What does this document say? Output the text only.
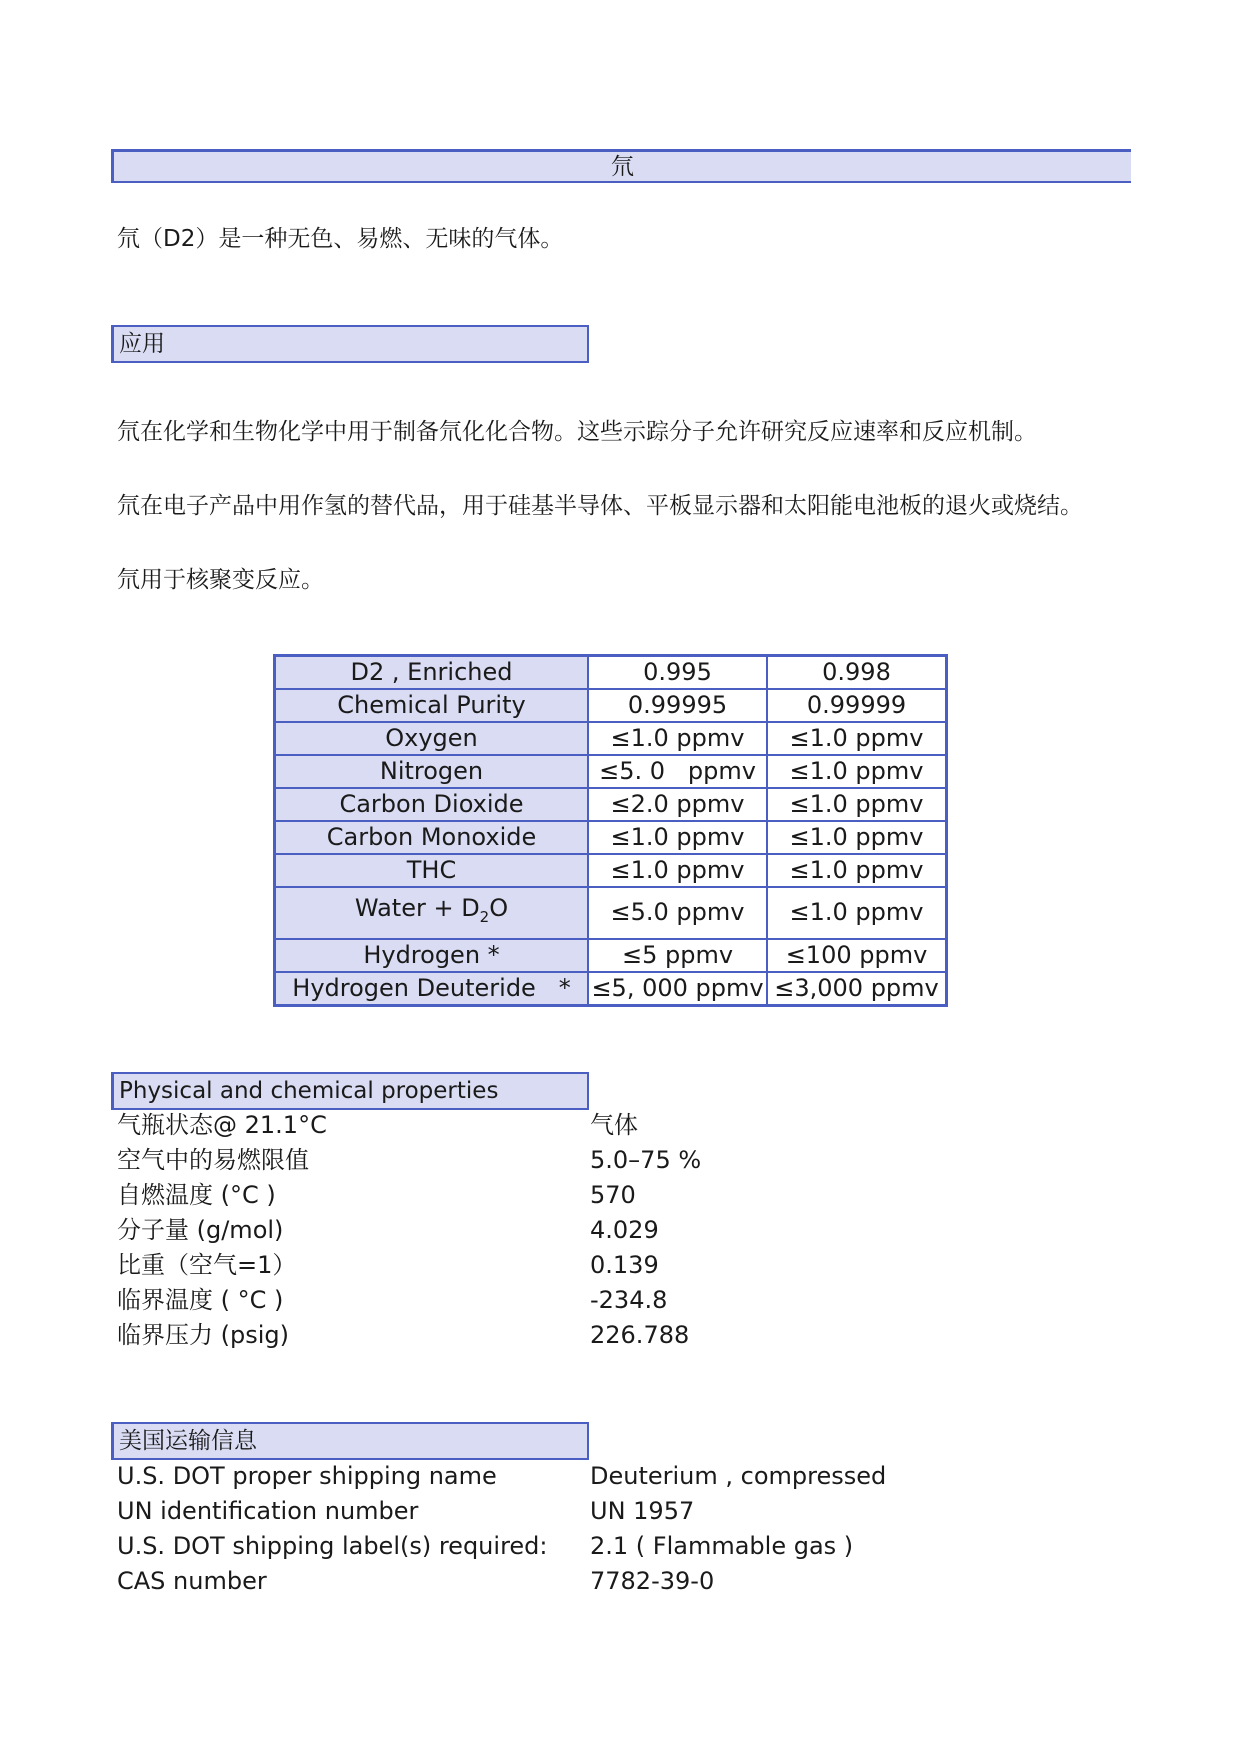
氘
氘（D2）是一种无色、易燃、无味的气体。
应用
氘在化学和生物化学中用于制备氘化化合物。这些示踪分子允许研究反应速率和反应机制。
氘在电子产品中用作氢的替代品，用于硅基半导体、平板显示器和太阳能电池板的退火或烧结。
氘用于核聚变反应。
D2 , Enriched	0.995	0.998
Chemical Purity	0.99995	0.99999
Oxygen	≤1.0 ppmv	≤1.0 ppmv
Nitrogen	≤5. 0   ppmv	≤1.0 ppmv
Carbon Dioxide	≤2.0 ppmv	≤1.0 ppmv
Carbon Monoxide	≤1.0 ppmv	≤1.0 ppmv
THC	≤1.0 ppmv	≤1.0 ppmv
Water + $D_2O$	≤5.0 ppmv	≤1.0 ppmv
Hydrogen *	≤5 ppmv	≤100 ppmv
Hydrogen Deuteride   *	≤5, 000 ppmv	≤3,000 ppmv
Physical and chemical properties
气瓶状态@ 21.1°C	气体
空气中的易燃限值	5.0–75 %
自燃温度 (°C )	570
分子量 (g/mol)	4.029
比重（空气=1）	0.139
临界温度 ( °C )	-234.8
临界压力 (psig)	226.788
美国运输信息
U.S. DOT proper shipping name	Deuterium , compressed
UN identification number	UN 1957
U.S. DOT shipping label(s) required: 2.1 ( Flammable gas )
CAS number	7782-39-0
